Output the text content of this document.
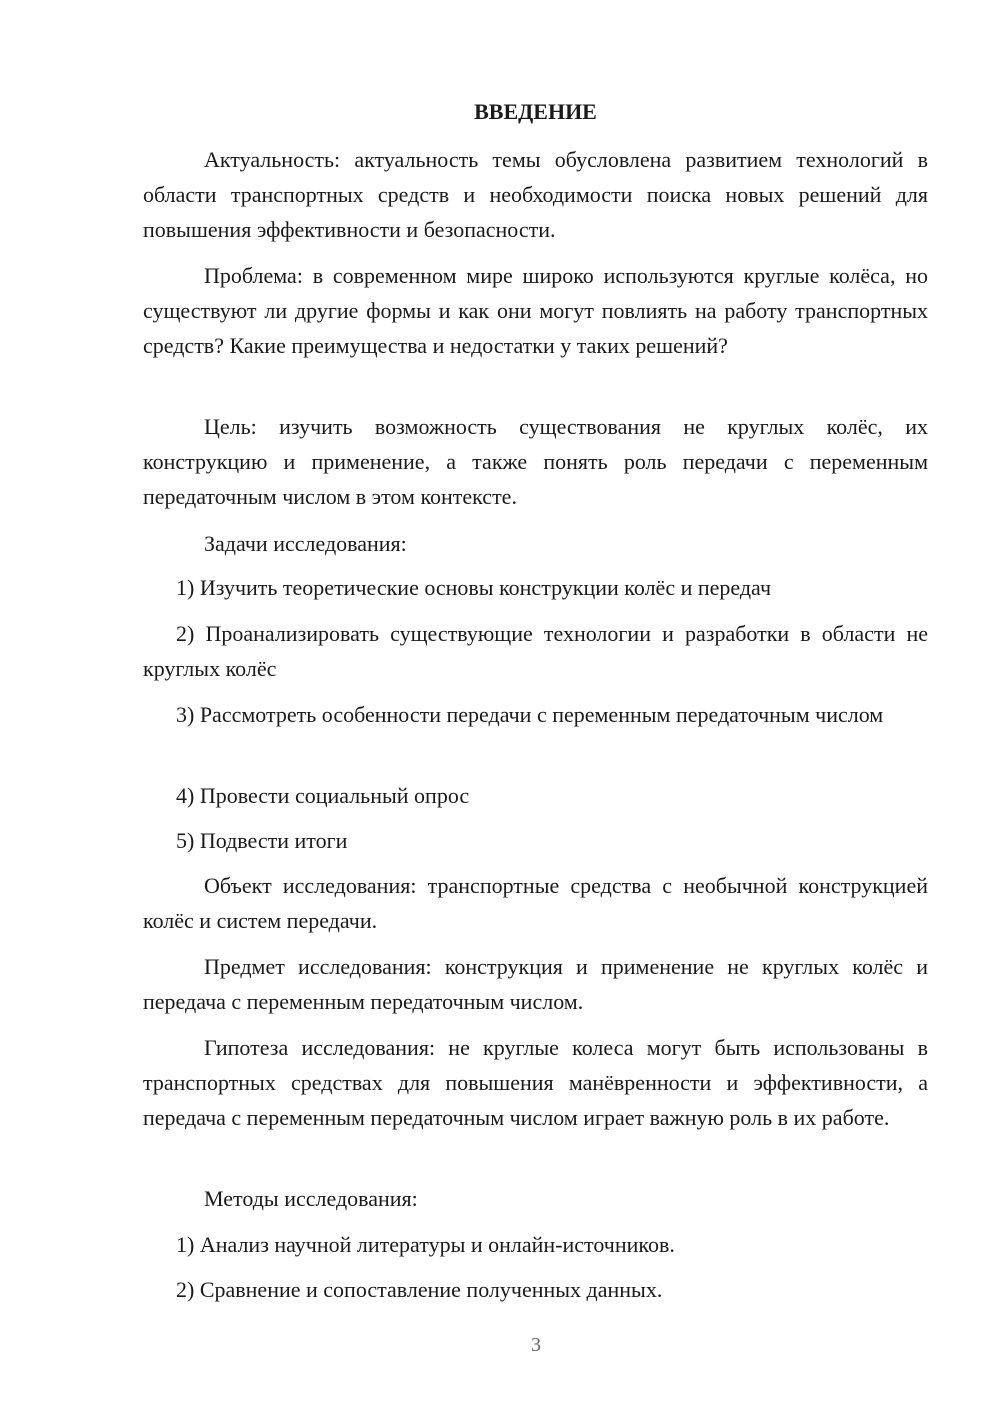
ВВЕДЕНИЕ

Актуальность: актуальность темы обусловлена развитием технологий в области транспортных средств и необходимости поиска новых решений для повышения эффективности и безопасности.

Проблема: в современном мире широко используются круглые колёса, но существуют ли другие формы и как они могут повлиять на работу транспортных средств? Какие преимущества и недостатки у таких решений?

Цель: изучить возможность существования не круглых колёс, их конструкцию и применение, а также понять роль передачи с переменным передаточным числом в этом контексте.

Задачи исследования:

1) Изучить теоретические основы конструкции колёс и передач

2) Проанализировать существующие технологии и разработки в области не круглых колёс

3) Рассмотреть особенности передачи с переменным передаточным числом

4) Провести социальный опрос

5) Подвести итоги

Объект исследования: транспортные средства с необычной конструкцией колёс и систем передачи.

Предмет исследования: конструкция и применение не круглых колёс и передача с переменным передаточным числом.

Гипотеза исследования: не круглые колеса могут быть использованы в транспортных средствах для повышения манёвренности и эффективности, а передача с переменным передаточным числом играет важную роль в их работе.

Методы исследования:

1) Анализ научной литературы и онлайн-источников.

2) Сравнение и сопоставление полученных данных.

3
